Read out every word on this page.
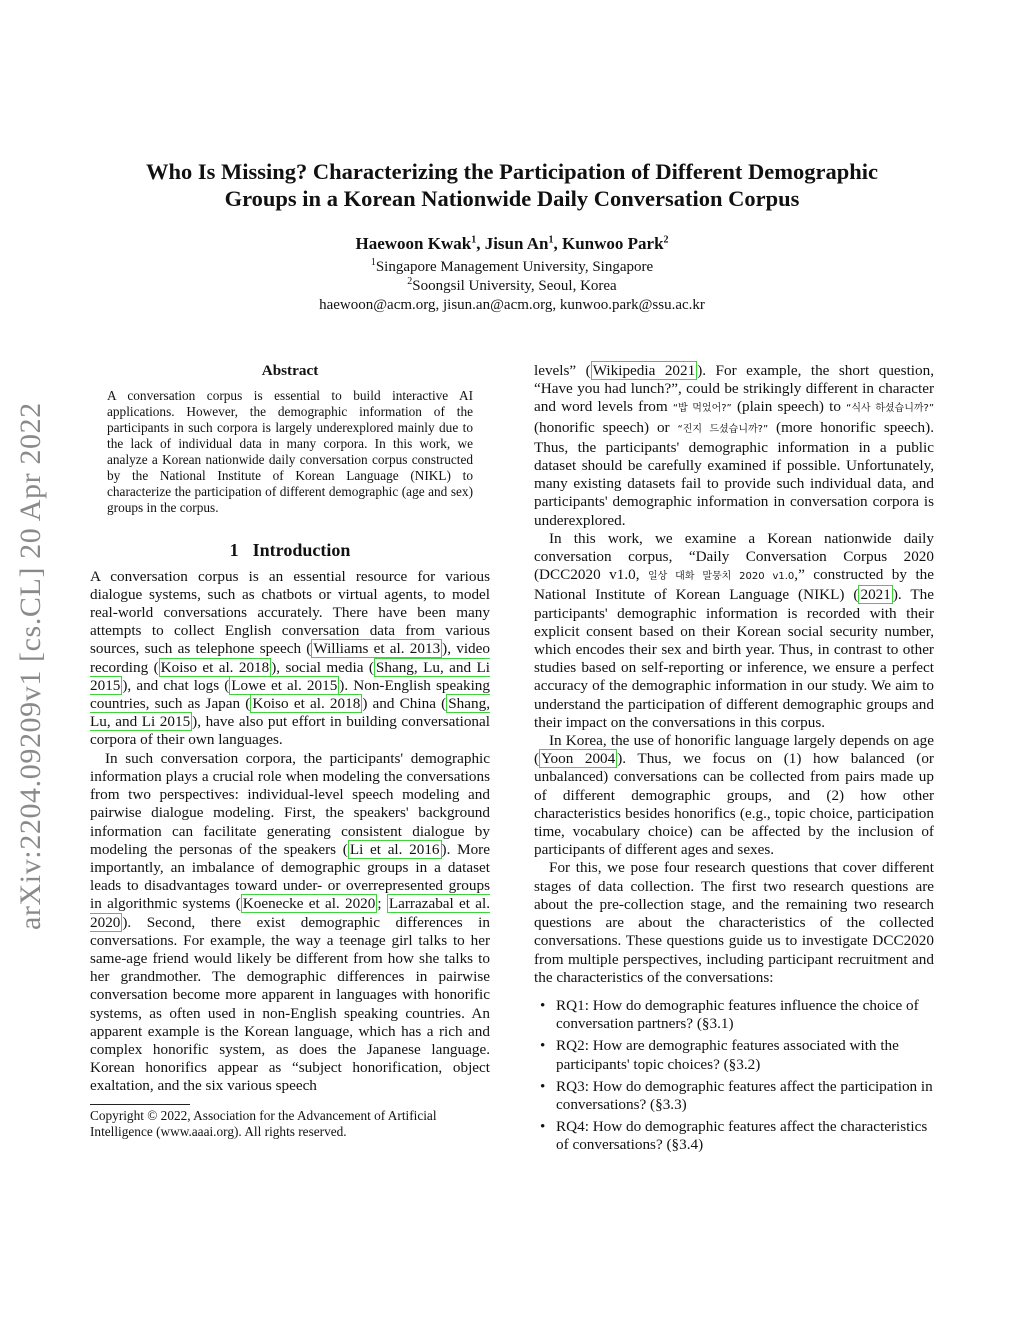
arXiv:2204.09209v1 [cs.CL] 20 Apr 2022
Who Is Missing? Characterizing the Participation of Different Demographic
Groups in a Korean Nationwide Daily Conversation Corpus
Haewoon Kwak$^1$, Jisun An$^1$, Kunwoo Park$^2$
$^1$Singapore Management University, Singapore
$^2$Soongsil University, Seoul, Korea
haewoon@acm.org, jisun.an@acm.org, kunwoo.park@ssu.ac.kr
Abstract
A conversation corpus is essential to build interactive AI applications. However, the demographic information of the participants in such corpora is largely underexplored mainly due to the lack of individual data in many corpora. In this work, we analyze a Korean nationwide daily conversation corpus constructed by the National Institute of Korean Language (NIKL) to characterize the participation of different demographic (age and sex) groups in the corpus.
1 Introduction

A conversation corpus is an essential resource for various dialogue systems, such as chatbots or virtual agents, to model real-world conversations accurately. There have been many attempts to collect English conversation data from various sources, such as telephone speech ( Williams et al. 2013 ), video recording ( Koiso et al. 2018 ), social media ( Shang, Lu, and Li 2015 ), and chat logs ( Lowe et al. 2015 ). Non-English speaking countries, such as Japan ( Koiso et al. 2018 ) and China ( Shang, Lu, and Li 2015 ), have also put effort in building conversational corpora of their own languages.

In such conversation corpora, the participants' demographic information plays a crucial role when modeling the conversations from two perspectives: individual-level speech modeling and pairwise dialogue modeling. First, the speakers' background information can facilitate generating consistent dialogue by modeling the personas of the speakers ( Li et al. 2016 ). More importantly, an imbalance of demographic groups in a dataset leads to disadvantages toward under- or overrepresented groups in algorithmic systems ( Koenecke et al. 2020 ; Larrazabal et al. 2020 ). Second, there exist demographic differences in conversations. For example, the way a teenage girl talks to her same-age friend would likely be different from how she talks to her grandmother. The demographic differences in pairwise conversation become more apparent in languages with honorific systems, as often used in non-English speaking countries. An apparent example is the Korean language, which has a rich and complex honorific system, as does the Japanese language. Korean honorifics appear as “subject honorification, object exaltation, and the six various speech

Copyright © 2022, Association for the Advancement of Artificial Intelligence (www.aaai.org). All rights reserved.

levels” ( Wikipedia 2021 ). For example, the short question, “Have you had lunch?”, could be strikingly different in character and word levels from “밥 먹었어?” (plain speech) to “식사 하셨습니까?” (honorific speech) or “진지 드셨습니까?” (more honorific speech). Thus, the participants' demographic information in a public dataset should be carefully examined if possible. Unfortunately, many existing datasets fail to provide such individual data, and participants' demographic information in conversation corpora is underexplored.

In this work, we examine a Korean nationwide daily conversation corpus, “Daily Conversation Corpus 2020 (DCC2020 v1.0, 일상 대화 말뭉치 2020 v1.0,” constructed by the National Institute of Korean Language (NIKL) ( 2021 ). The participants' demographic information is recorded with their explicit consent based on their Korean social security number, which encodes their sex and birth year. Thus, in contrast to other studies based on self-reporting or inference, we ensure a perfect accuracy of the demographic information in our study. We aim to understand the participation of different demographic groups and their impact on the conversations in this corpus.

In Korea, the use of honorific language largely depends on age ( Yoon 2004 ). Thus, we focus on (1) how balanced (or unbalanced) conversations can be collected from pairs made up of different demographic groups, and (2) how other characteristics besides honorifics (e.g., topic choice, participation time, vocabulary choice) can be affected by the inclusion of participants of different ages and sexes.

For this, we pose four research questions that cover different stages of data collection. The first two research questions are about the pre-collection stage, and the remaining two research questions are about the characteristics of the collected conversations. These questions guide us to investigate DCC2020 from multiple perspectives, including participant recruitment and the characteristics of the conversations:

• RQ1: How do demographic features influence the choice of conversation partners? (§3.1)
• RQ2: How are demographic features associated with the participants' topic choices? (§3.2)
• RQ3: How do demographic features affect the participation in conversations? (§3.3)
• RQ4: How do demographic features affect the characteristics of conversations? (§3.4)
